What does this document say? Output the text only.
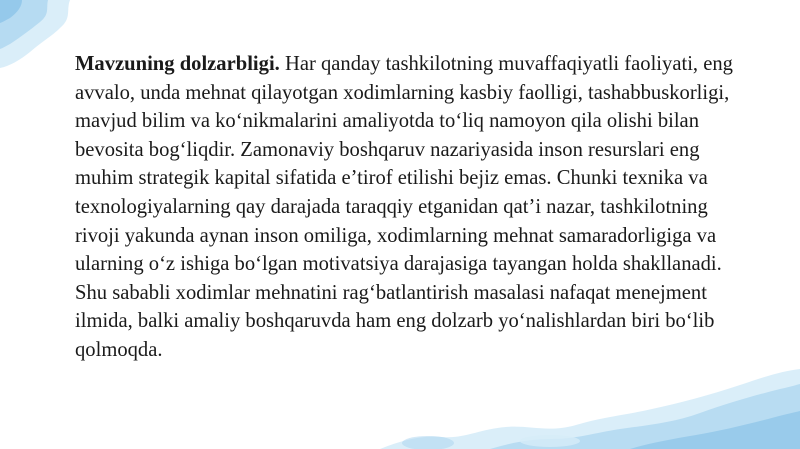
Mavzuning dolzarbligi. Har qanday tashkilotning muvaffaqiyatli faoliyati, eng avvalo, unda mehnat qilayotgan xodimlarning kasbiy faolligi, tashabbuskorligi, mavjud bilim va ko‘nikmalarini amaliyotda to‘liq namoyon qila olishi bilan bevosita bog‘liqdir. Zamonaviy boshqaruv nazariyasida inson resurslari eng muhim strategik kapital sifatida e’tirof etilishi bejiz emas. Chunki texnika va texnologiyalarning qay darajada taraqqiy etganidan qat’i nazar, tashkilotning rivoji yakunda aynan inson omiliga, xodimlarning mehnat samaradorligiga va ularning o‘z ishiga bo‘lgan motivatsiya darajasiga tayangan holda shakllanadi. Shu sababli xodimlar mehnatini rag‘batlantirish masalasi nafaqat menejment ilmida, balki amaliy boshqaruvda ham eng dolzarb yo‘nalishlardan biri bo‘lib qolmoqda.
